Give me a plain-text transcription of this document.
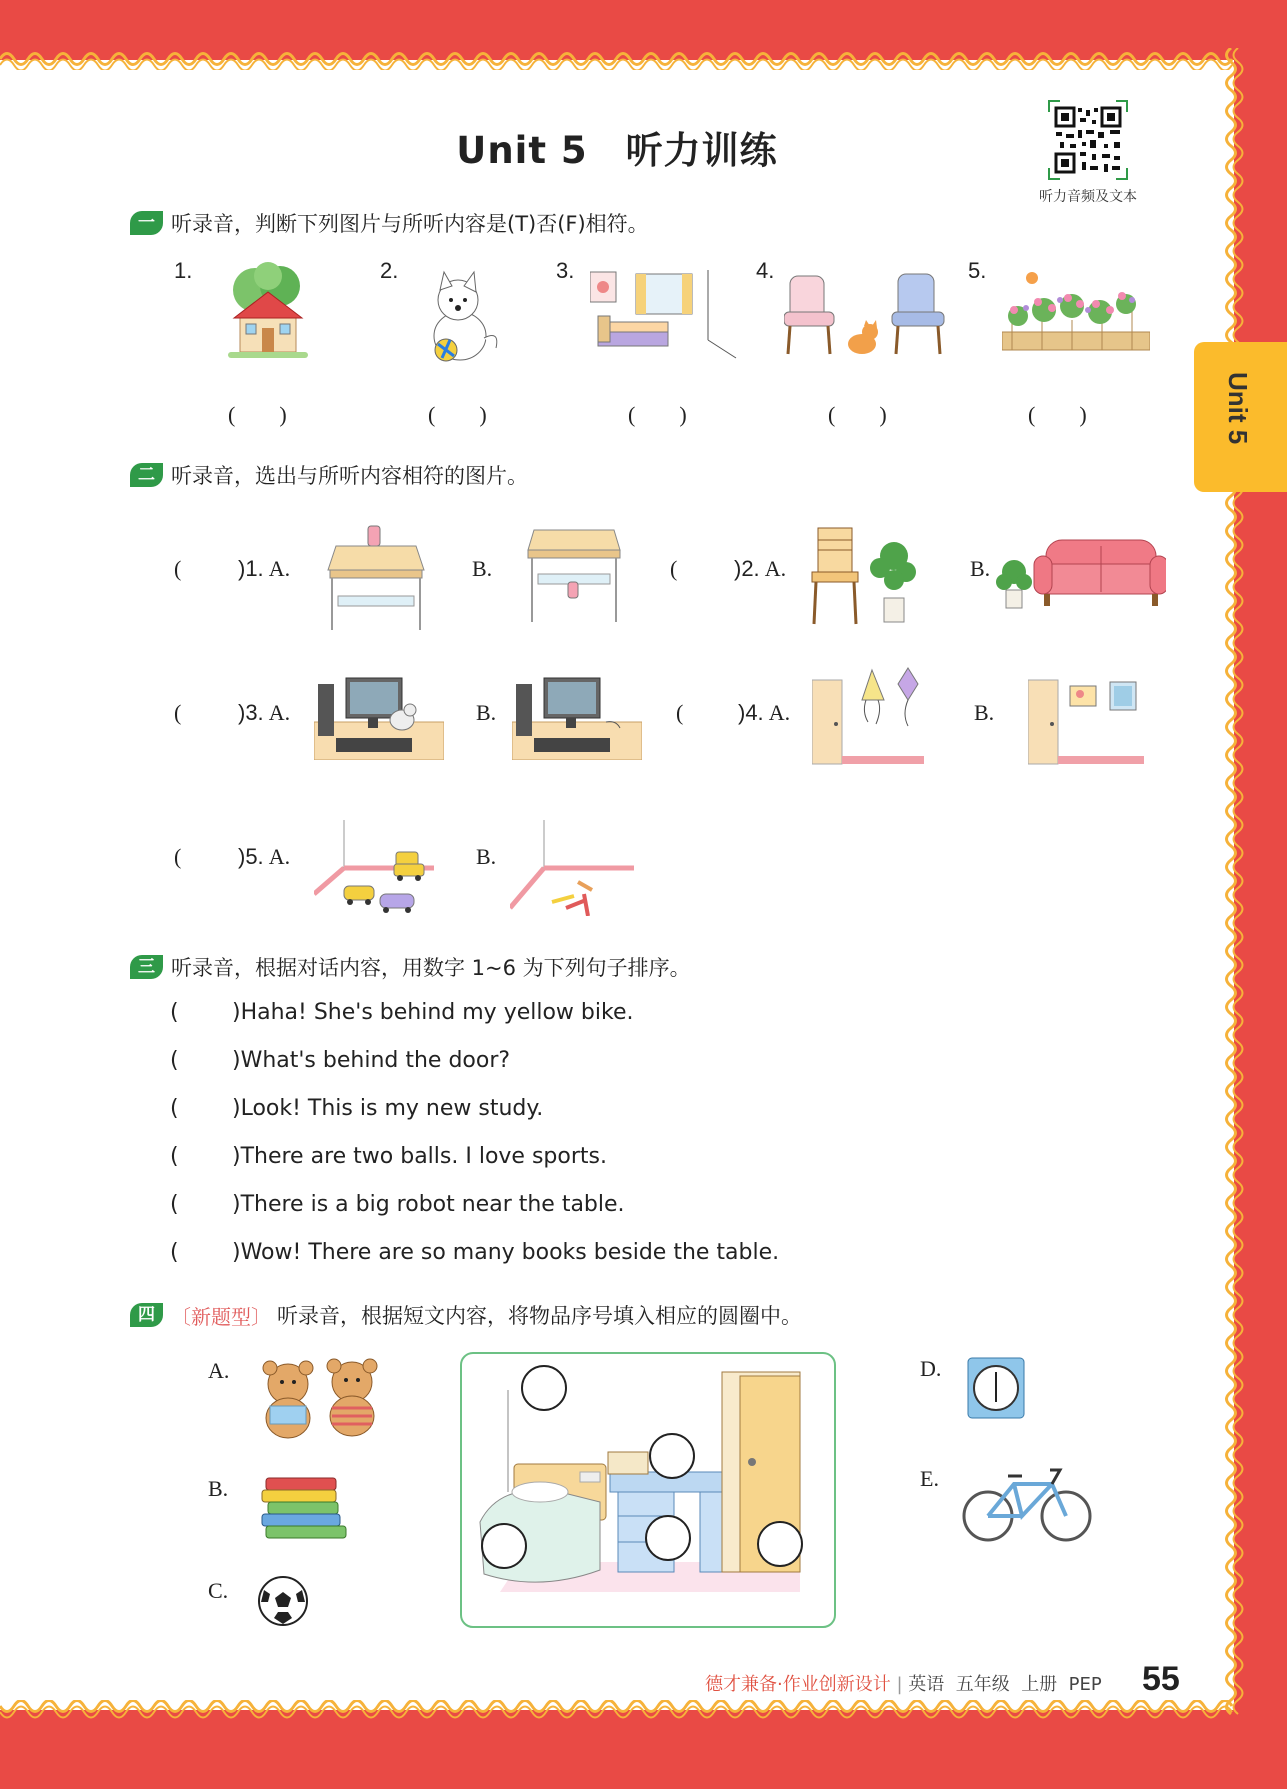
Unit 5
Unit 5　听力训练
听力音频及文本
一 听录音，判断下列图片与所听内容是(T)否(F)相符。
1.	2.	3.	4.	5.
(　　)	(　　)	(　　)	(　　)	(　　)
二 听录音，选出与所听内容相符的图片。
(	)1. A.	B.	(	)2. A.	B.
(	)3. A.	B.	( )4. A.	B.
(	)5. A.	B.
三 听录音，根据对话内容，用数字 1~6 为下列句子排序。
( )Haha! She's behind my yellow bike.
( )What's behind the door?
( )Look! This is my new study.
( )There are two balls. I love sports.
( )There is a big robot near the table.
( )Wow! There are so many books beside the table.
四 〔新题型〕 听录音，根据短文内容，将物品序号填入相应的圆圈中。
A.
B.
C.
D.
E.
德才兼备·作业创新设计 | 英语 五年级 上册 PEP 55
